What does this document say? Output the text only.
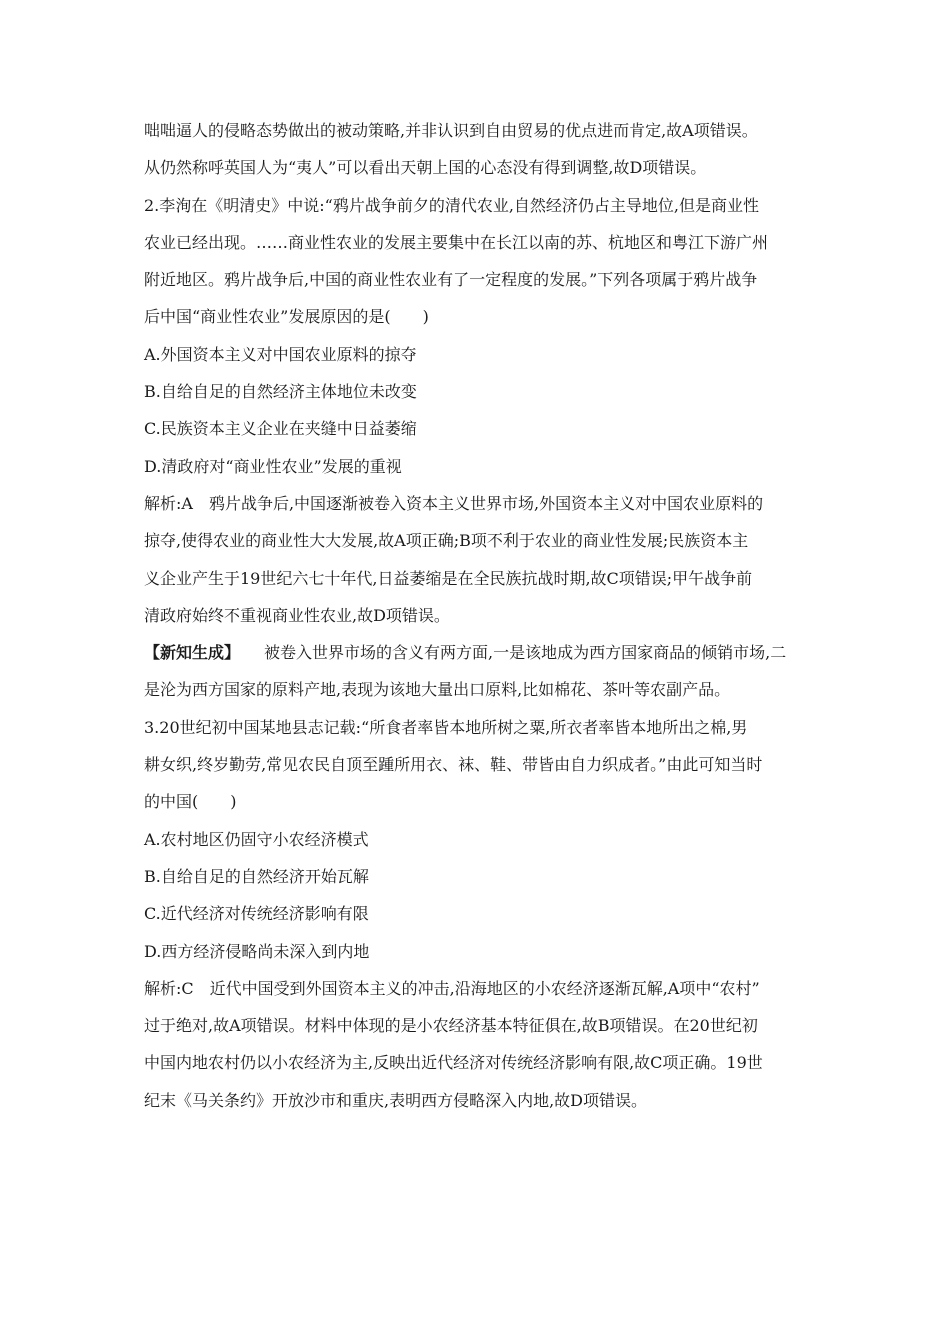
咄咄逼人的侵略态势做出的被动策略,并非认识到自由贸易的优点进而肯定,故A项错误。
从仍然称呼英国人为“夷人”可以看出天朝上国的心态没有得到调整,故D项错误。
2.李洵在《明清史》中说:“鸦片战争前夕的清代农业,自然经济仍占主导地位,但是商业性
农业已经出现。……商业性农业的发展主要集中在长江以南的苏、杭地区和粤江下游广州
附近地区。鸦片战争后,中国的商业性农业有了一定程度的发展。”下列各项属于鸦片战争
后中国“商业性农业”发展原因的是(　　)
A.外国资本主义对中国农业原料的掠夺
B.自给自足的自然经济主体地位未改变
C.民族资本主义企业在夹缝中日益萎缩
D.清政府对“商业性农业”发展的重视
解析:A　鸦片战争后,中国逐渐被卷入资本主义世界市场,外国资本主义对中国农业原料的
掠夺,使得农业的商业性大大发展,故A项正确;B项不利于农业的商业性发展;民族资本主
义企业产生于19世纪六七十年代,日益萎缩是在全民族抗战时期,故C项错误;甲午战争前
清政府始终不重视商业性农业,故D项错误。
【新知生成】 被卷入世界市场的含义有两方面,一是该地成为西方国家商品的倾销市场,二
是沦为西方国家的原料产地,表现为该地大量出口原料,比如棉花、茶叶等农副产品。
3.20世纪初中国某地县志记载:“所食者率皆本地所树之粟,所衣者率皆本地所出之棉,男
耕女织,终岁勤劳,常见农民自顶至踵所用衣、袜、鞋、带皆由自力织成者。”由此可知当时
的中国(　　)
A.农村地区仍固守小农经济模式
B.自给自足的自然经济开始瓦解
C.近代经济对传统经济影响有限
D.西方经济侵略尚未深入到内地
解析:C　近代中国受到外国资本主义的冲击,沿海地区的小农经济逐渐瓦解,A项中“农村”
过于绝对,故A项错误。材料中体现的是小农经济基本特征俱在,故B项错误。在20世纪初
中国内地农村仍以小农经济为主,反映出近代经济对传统经济影响有限,故C项正确。19世
纪末《马关条约》开放沙市和重庆,表明西方侵略深入内地,故D项错误。
